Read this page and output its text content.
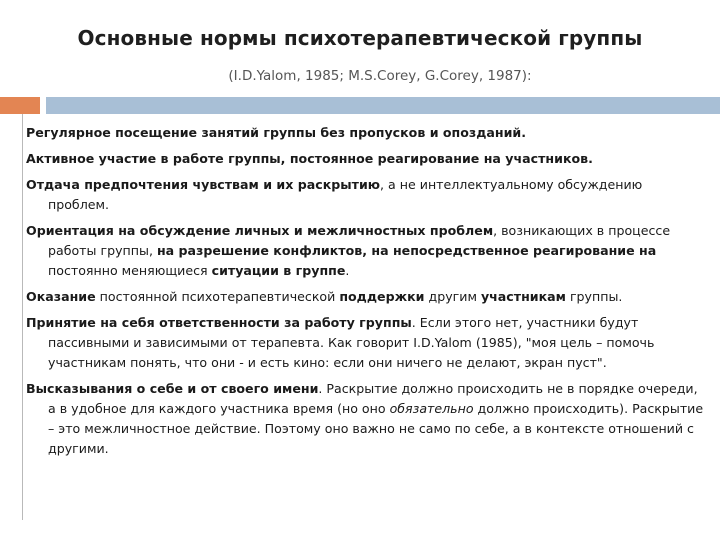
Основные нормы психотерапевтической группы
(I.D.Yalom, 1985; M.S.Corey, G.Corey, 1987):

Регулярное посещение занятий группы без пропусков и опозданий.

Активное участие в работе группы, постоянное реагирование на участников.

Отдача предпочтения чувствам и их раскрытию, а не интеллектуальному обсуждению проблем.

Ориентация на обсуждение личных и межличностных проблем, возникающих в процессе работы группы, на разрешение конфликтов, на непосредственное реагирование на постоянно меняющиеся ситуации в группе.

Оказание постоянной психотерапевтической поддержки другим участникам группы.

Принятие на себя ответственности за работу группы. Если этого нет, участники будут пассивными и зависимыми от терапевта. Как говорит I.D.Yalom (1985), "моя цель – помочь участникам понять, что они - и есть кино: если они ничего не делают, экран пуст".

Высказывания о себе и от своего имени. Раскрытие должно происходить не в порядке очереди, а в удобное для каждого участника время (но оно обязательно должно происходить). Раскрытие – это межличностное действие. Поэтому оно важно не само по себе, а в контексте отношений с другими.
